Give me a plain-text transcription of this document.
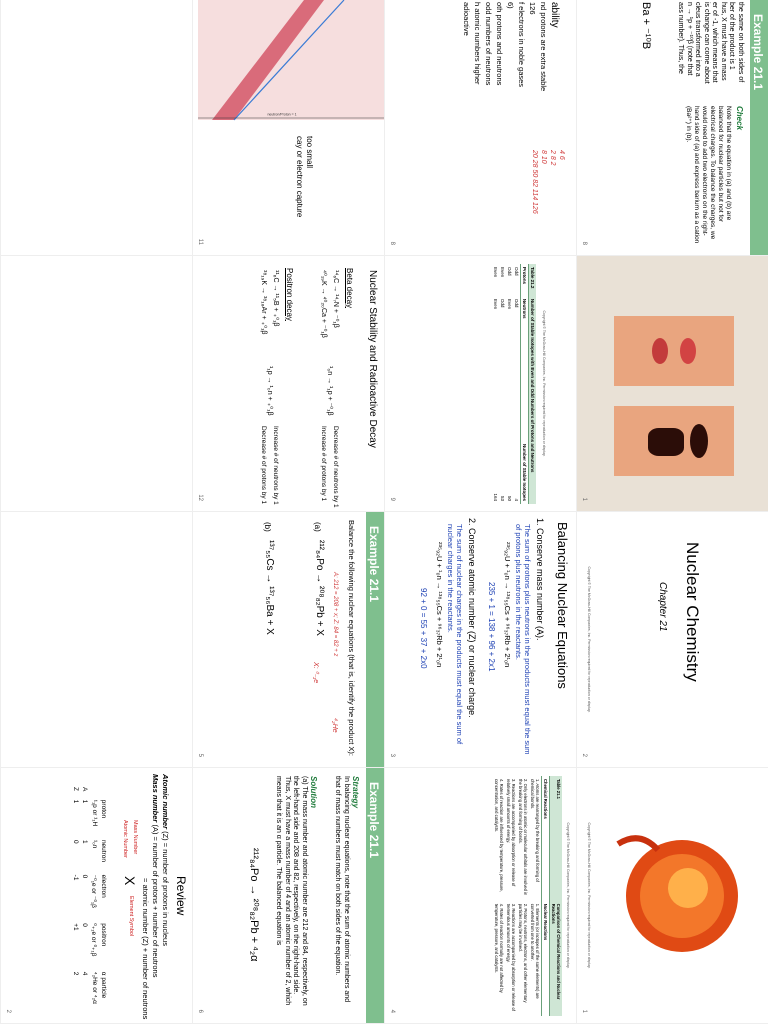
Example 21.1
the same on both sides of
ber of the product is 1
hus, X must have a mass
er of -1, which means that
is change can come about
cleus transformed into a
n → ¹p + ⁻¹⁰β (note that
ass number). Thus, the
Ba + ⁻¹⁰B
Check
Note that the equation in (a) and (b) are balanced for nuclear particles but not for electrical charges. To balance the charges, we would need to add two electrons on the right-hand side of (a) and express barium as a cation (Ba²⁺) in (b).
8
1
Nuclear Chemistry
Chapter 21
Copyright © The McGraw-Hill Companies, Inc. Permission required for reproduction or display.
2
Copyright © The McGraw-Hill Companies, Inc. Permission required for reproduction or display.
1
ability
nd protons are extra stable
126
f electrons in noble gases
6)
oth protons and neutrons
odd numbers of neutrons
h atomic numbers higher
adioactive
4 6
2 8 2
8 10
20 28 50 82 114 126
8
Copyright © The McGraw-Hill Companies, Inc. Permission required for reproduction or display.
Table 21.2	Number of Stable Isotopes with Even and Odd Numbers of Protons and Neutrons	
Protons	Neutrons	Number of Stable Isotopes
Odd	Odd	4
Odd	Even	50
Even	Odd	53
Even	Even	164
9
Balancing Nuclear Equations
1. Conserve mass number (A).
The sum of protons plus neutrons in the products must equal the sum of protons plus neutrons in the reactants.
²³⁵₉₂U + ¹₀n → ¹³⁸₅₅Cs + ⁹⁶₃₇Rb + 2¹₀n
235 + 1 = 138 + 96 + 2x1
2. Conserve atomic number (Z) or nuclear charge.
The sum of nuclear charges in the products must equal the sum of nuclear charges in the reactants.
²³⁵₉₂U + ¹₀n → ¹³⁸₅₅Cs + ⁹⁶₃₇Rb + 2¹₀n
92 + 0 = 55 + 37 + 2x0
3
Copyright © The McGraw-Hill Companies, Inc. Permission required for reproduction or display.
Table 21.1	Comparison of Chemical Reactions and Nuclear Reactions
Chemical Reactions	Nuclear Reactions
1. Atoms are rearranged by the breaking and forming of chemical bonds.	1. Elements (or isotopes of the same elements) are converted from one to another.
2. Only electrons in atomic or molecular orbitals are involved in the breaking and forming of bonds.	2. Protons, neutrons, electrons, and other elementary particles may be involved.
3. Reactions are accompanied by absorption or release of relatively small amounts of energy.	3. Reactions are accompanied by absorption or release of tremendous amounts of energy.
4. Rates of reaction are influenced by temperature, pressure, concentration, and catalysts.	4. Rates of reaction normally are not affected by temperature, pressure, and catalysts.
4
neutron/Proton = 1
too small
cay or electron capture
11
Nuclear Stability and Radioactive Decay
Beta decay
¹⁴₆C → ¹⁴₇N + ⁻⁰₁β
⁴⁰₁₉K → ⁴⁰₂₀Ca + ⁻⁰₁β
¹₀n → ¹₁p + ⁻⁰₁β
Decrease # of neutrons by 1
Increase # of protons by 1
Positron decay
¹¹₆C → ¹¹₅B + ₊⁰₁β
³⁸₁₉K → ³⁸₁₈Ar + ₊⁰₁β
¹₁p → ¹₀n + ₊⁰₁β
Increase # of neutrons by 1
Decrease # of protons by 1
12
Example 21.1
Balance the following nuclear equations (that is, identify the product X):
A: 212 = 208 + x; Z: 84 = 82 + z
⁴₂He
(a)
²¹²₈₄Po → ²⁰⁸₈₂Pb + X
X: ⁰₋₁e
(b)
¹³⁷₅₅Cs → ¹³⁷₅₆Ba + X
5
Example 21.1
Strategy
In balancing nuclear equations, note that the sum of atomic numbers and that of mass numbers must match on both sides of the equation.
Solution
(a) The mass number and atomic number are 212 and 84, respectively, on the left-hand side and 208 and 82, respectively, on the right-hand side. Thus, X must have a mass number of 4 and an atomic number of 2, which means that it is an α particle. The balanced equation is
²¹²₈₄Po → ²⁰⁸₈₂Pb + ⁴₂α
6
Review
Atomic number (Z) = number of protons in nucleus
Mass number (A) = number of protons + number of neutrons
= atomic number (Z) + number of neutrons
Mass Number
Atomic Number
X
Element Symbol
	proton	neutron	electron	positron	α particle
	¹₁p or ¹₁H	¹₀n	⁻⁰₁e or ⁻⁰₁β	⁰₊₁e or ⁰₊₁β	⁴₂He or ⁴₂α
A	1	1	0	0	4
Z	1	0	-1	+1	2
2
